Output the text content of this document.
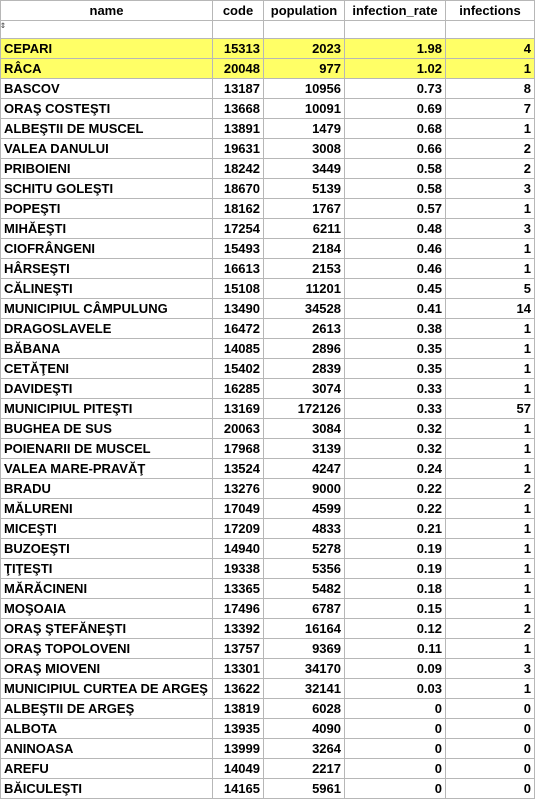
⇕
name	code	population	infection_rate	infections

CEPARI	15313	2023	1.98	4
RÂCA	20048	977	1.02	1
BASCOV	13187	10956	0.73	8
ORAŞ COSTEŞTI	13668	10091	0.69	7
ALBEŞTII DE MUSCEL	13891	1479	0.68	1
VALEA DANULUI	19631	3008	0.66	2
PRIBOIENI	18242	3449	0.58	2
SCHITU GOLEŞTI	18670	5139	0.58	3
POPEŞTI	18162	1767	0.57	1
MIHĂEŞTI	17254	6211	0.48	3
CIOFRÂNGENI	15493	2184	0.46	1
HÂRSEŞTI	16613	2153	0.46	1
CĂLINEŞTI	15108	11201	0.45	5
MUNICIPIUL CÂMPULUNG	13490	34528	0.41	14
DRAGOSLAVELE	16472	2613	0.38	1
BĂBANA	14085	2896	0.35	1
CETĂŢENI	15402	2839	0.35	1
DAVIDEŞTI	16285	3074	0.33	1
MUNICIPIUL PITEŞTI	13169	172126	0.33	57
BUGHEA DE SUS	20063	3084	0.32	1
POIENARII DE MUSCEL	17968	3139	0.32	1
VALEA MARE-PRAVĂŢ	13524	4247	0.24	1
BRADU	13276	9000	0.22	2
MĂLURENI	17049	4599	0.22	1
MICEŞTI	17209	4833	0.21	1
BUZOEŞTI	14940	5278	0.19	1
ŢIŢEŞTI	19338	5356	0.19	1
MĂRĂCINENI	13365	5482	0.18	1
MOŞOAIA	17496	6787	0.15	1
ORAŞ ŞTEFĂNEŞTI	13392	16164	0.12	2
ORAŞ TOPOLOVENI	13757	9369	0.11	1
ORAŞ MIOVENI	13301	34170	0.09	3
MUNICIPIUL CURTEA DE ARGEŞ	13622	32141	0.03	1
ALBEŞTII DE ARGEŞ	13819	6028	0	0
ALBOTA	13935	4090	0	0
ANINOASA	13999	3264	0	0
AREFU	14049	2217	0	0
BĂICULEŞTI	14165	5961	0	0
